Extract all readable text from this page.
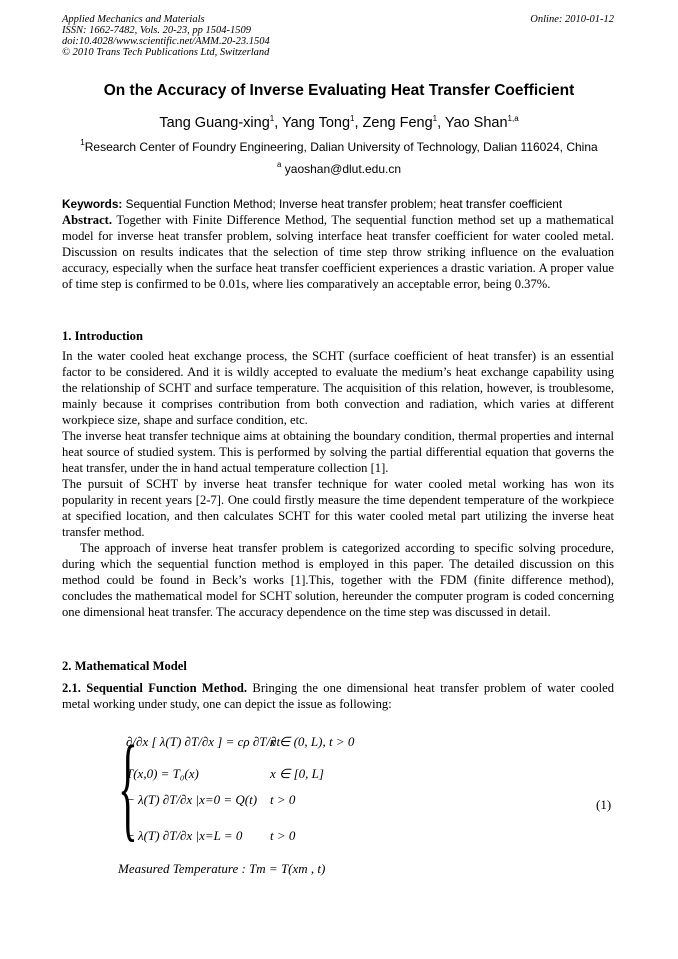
Applied Mechanics and Materials
ISSN: 1662-7482, Vols. 20-23, pp 1504-1509
doi:10.4028/www.scientific.net/AMM.20-23.1504
© 2010 Trans Tech Publications Ltd, Switzerland
Online: 2010-01-12
On the Accuracy of Inverse Evaluating Heat Transfer Coefficient
Tang Guang-xing$^1$, Yang Tong$^1$, Zeng Feng$^1$, Yao Shan$^{1,a}$
$^1$Research Center of Foundry Engineering, Dalian University of Technology, Dalian 116024, China
$^a$ yaoshan@dlut.edu.cn
Keywords: Sequential Function Method; Inverse heat transfer problem; heat transfer coefficient
Abstract. Together with Finite Difference Method, The sequential function method set up a mathematical model for inverse heat transfer problem, solving interface heat transfer coefficient for water cooled metal. Discussion on results indicates that the selection of time step throw striking influence on the evaluation accuracy, especially when the surface heat transfer coefficient experiences a drastic variation. A proper value of time step is confirmed to be 0.01s, where lies comparatively an acceptable error, being 0.37%.
1. Introduction

In the water cooled heat exchange process, the SCHT (surface coefficient of heat transfer) is an essential factor to be considered. And it is wildly accepted to evaluate the medium’s heat exchange capability using the relationship of SCHT and surface temperature. The acquisition of this relation, however, is troublesome, mainly because it comprises contribution from both convection and radiation, which varies at different workpiece size, shape and surface condition, etc.

The inverse heat transfer technique aims at obtaining the boundary condition, thermal properties and internal heat source of studied system. This is performed by solving the partial differential equation that governs the heat transfer, under the in hand actual temperature collection [1].

The pursuit of SCHT by inverse heat transfer technique for water cooled metal working has won its popularity in recent years [2-7]. One could firstly measure the time dependent temperature of the workpiece at specified location, and then calculates SCHT for this water cooled metal part utilizing the inverse heat transfer method.

The approach of inverse heat transfer problem is categorized according to specific solving procedure, during which the sequential function method is employed in this paper. The detailed discussion on this method could be found in Beck’s works [1].This, together with the FDM (finite difference method), concludes the mathematical model for SCHT solution, hereunder the computer program is coded concerning one dimensional heat transfer. The accuracy dependence on the time step was discussed in detail.

2. Mathematical Model
2.1. Sequential Function Method. Bringing the one dimensional heat transfer problem of water cooled metal working under study, one can depict the issue as following:
{
∂/∂x [ λ(T) ∂T/∂x ] = cρ ∂T/∂t
x ∈ (0, L), t > 0
T(x,0) = T₀(x)	x ∈ [0, L]
− λ(T) ∂T/∂x |x=0 = Q(t) t > 0
− λ(T) ∂T/∂x |x=L = 0 t > 0
Measured Temperature : Tm = T(xm , t)
(1)
